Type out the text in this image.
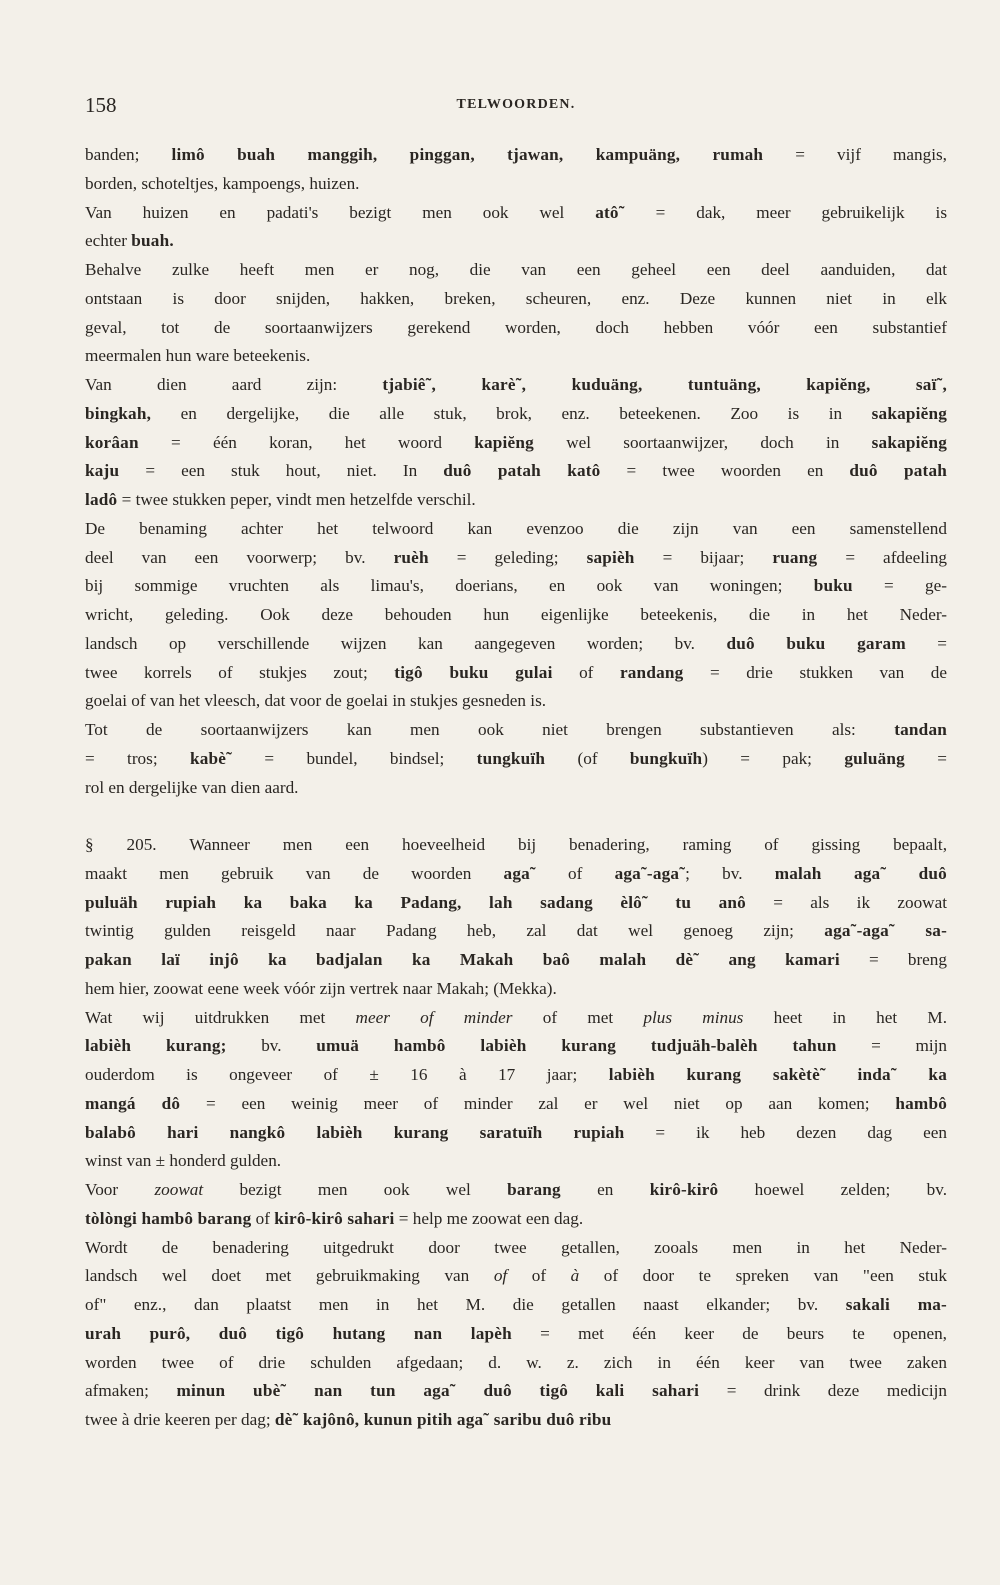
158	TELWOORDEN.
banden; limô buah manggih, pinggan, tjawan, kampuäng, rumah = vijf mangis,
borden, schoteltjes, kampoengs, huizen.
Van huizen en padati's bezigt men ook wel atô˜ = dak, meer gebruikelijk is
echter buah.
Behalve zulke heeft men er nog, die van een geheel een deel aanduiden, dat
ontstaan is door snijden, hakken, breken, scheuren, enz. Deze kunnen niet in elk
geval, tot de soortaanwijzers gerekend worden, doch hebben vóór een substantief
meermalen hun ware beteekenis.
Van dien aard zijn: tjabiê˜, karè˜, kuduäng, tuntuäng, kapiĕng, saï˜,
bingkah, en dergelijke, die alle stuk, brok, enz. beteekenen. Zoo is in sakapiĕng
korâan = één koran, het woord kapiĕng wel soortaanwijzer, doch in sakapiĕng
kaju = een stuk hout, niet. In duô patah katô = twee woorden en duô patah
ladô = twee stukken peper, vindt men hetzelfde verschil.
De benaming achter het telwoord kan evenzoo die zijn van een samenstellend
deel van een voorwerp; bv. ruèh = geleding; sapièh = bijaar; ruang = afdeeling
bij sommige vruchten als limau's, doerians, en ook van woningen; buku = ge-
wricht, geleding. Ook deze behouden hun eigenlijke beteekenis, die in het Neder-
landsch op verschillende wijzen kan aangegeven worden; bv. duô buku garam =
twee korrels of stukjes zout; tigô buku gulai of randang = drie stukken van de
goelai of van het vleesch, dat voor de goelai in stukjes gesneden is.
Tot de soortaanwijzers kan men ook niet brengen substantieven als: tandan
= tros; kabè˜ = bundel, bindsel; tungkuïh (of bungkuïh) = pak; guluäng =
rol en dergelijke van dien aard.
§ 205. Wanneer men een hoeveelheid bij benadering, raming of gissing bepaalt,
maakt men gebruik van de woorden aga˜ of aga˜-aga˜; bv. malah aga˜ duô
puluäh rupiah ka baka ka Padang, lah sadang èlô˜ tu anô = als ik zoowat
twintig gulden reisgeld naar Padang heb, zal dat wel genoeg zijn; aga˜-aga˜ sa-
pakan laï injô ka badjalan ka Makah baô malah dè˜ ang kamari = breng
hem hier, zoowat eene week vóór zijn vertrek naar Makah; (Mekka).
Wat wij uitdrukken met meer of minder of met plus minus heet in het M.
labièh kurang; bv. umuä hambô labièh kurang tudjuäh-balèh tahun = mijn
ouderdom is ongeveer of ± 16 à 17 jaar; labièh kurang sakètè˜ inda˜ ka
mangá dô = een weinig meer of minder zal er wel niet op aan komen; hambô
balabô hari nangkô labièh kurang saratuïh rupiah = ik heb dezen dag een
winst van ± honderd gulden.
Voor zoowat bezigt men ook wel barang en kirô-kirô hoewel zelden; bv.
tòlòngi hambô barang of kirô-kirô sahari = help me zoowat een dag.
Wordt de benadering uitgedrukt door twee getallen, zooals men in het Neder-
landsch wel doet met gebruikmaking van of of à of door te spreken van "een stuk
of" enz., dan plaatst men in het M. die getallen naast elkander; bv. sakali ma-
urah purô, duô tigô hutang nan lapèh = met één keer de beurs te openen,
worden twee of drie schulden afgedaan; d. w. z. zich in één keer van twee zaken
afmaken; minun ubè˜ nan tun aga˜ duô tigô kali sahari = drink deze medicijn
twee à drie keeren per dag; dè˜ kajônô, kunun pitih aga˜ saribu duô ribu
